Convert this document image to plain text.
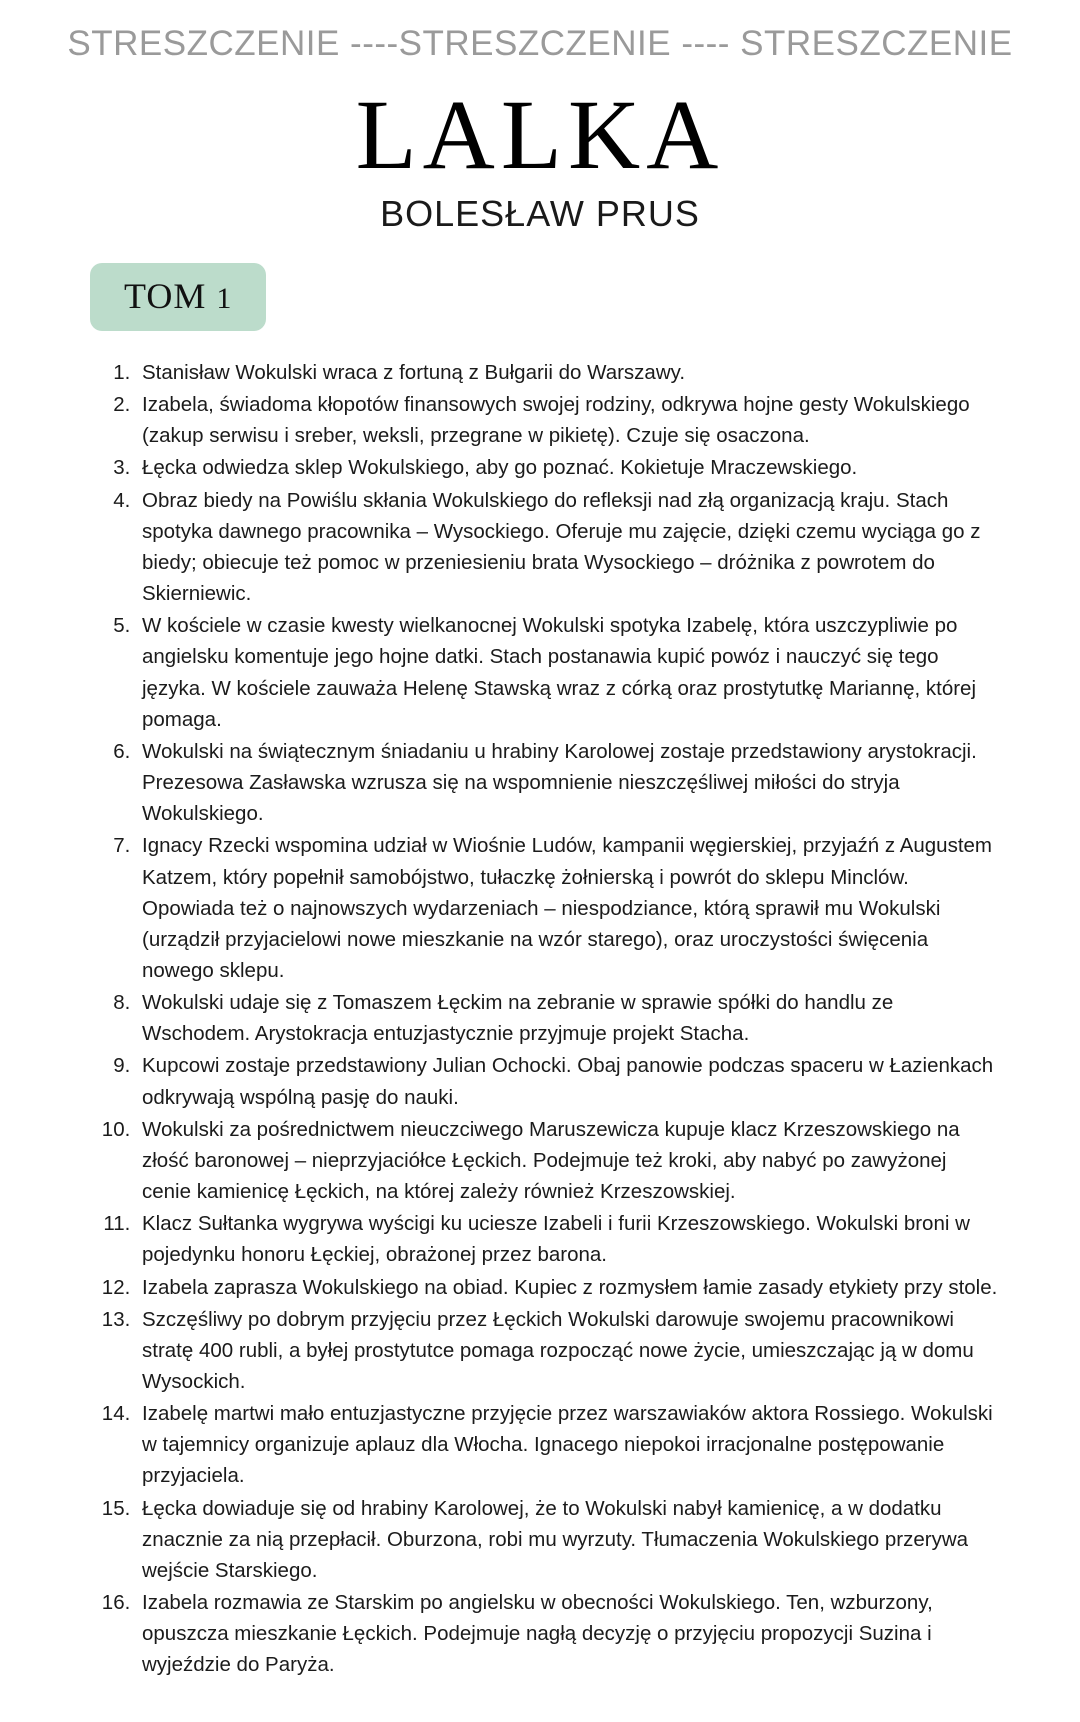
STRESZCZENIE ----STRESZCZENIE ---- STRESZCZENIE
LALKA
BOLESŁAW PRUS
TOM 1
1. Stanisław Wokulski wraca z fortuną z Bułgarii do Warszawy.
2. Izabela, świadoma kłopotów finansowych swojej rodziny, odkrywa hojne gesty Wokulskiego (zakup serwisu i sreber, weksli, przegrane w pikietę). Czuje się osaczona.
3. Łęcka odwiedza sklep Wokulskiego, aby go poznać. Kokietuje Mraczewskiego.
4. Obraz biedy na Powiślu skłania Wokulskiego do refleksji nad złą organizacją kraju. Stach spotyka dawnego pracownika – Wysockiego. Oferuje mu zajęcie, dzięki czemu wyciąga go z biedy; obiecuje też pomoc w przeniesieniu brata Wysockiego – dróżnika z powrotem do Skierniewic.
5. W kościele w czasie kwesty wielkanocnej Wokulski spotyka Izabelę, która uszczypliwie po angielsku komentuje jego hojne datki. Stach postanawia kupić powóz i nauczyć się tego języka. W kościele zauważa Helenę Stawską wraz z córką oraz prostytutkę Mariannę, której pomaga.
6. Wokulski na świątecznym śniadaniu u hrabiny Karolowej zostaje przedstawiony arystokracji. Prezesowa Zasławska wzrusza się na wspomnienie nieszczęśliwej miłości do stryja Wokulskiego.
7. Ignacy Rzecki wspomina udział w Wiośnie Ludów, kampanii węgierskiej, przyjaźń z Augustem Katzem, który popełnił samobójstwo, tułaczkę żołnierską i powrót do sklepu Minclów. Opowiada też o najnowszych wydarzeniach – niespodziance, którą sprawił mu Wokulski (urządził przyjacielowi nowe mieszkanie na wzór starego), oraz uroczystości święcenia nowego sklepu.
8. Wokulski udaje się z Tomaszem Łęckim na zebranie w sprawie spółki do handlu ze Wschodem. Arystokracja entuzjastycznie przyjmuje projekt Stacha.
9. Kupcowi zostaje przedstawiony Julian Ochocki. Obaj panowie podczas spaceru w Łazienkach odkrywają wspólną pasję do nauki.
10. Wokulski za pośrednictwem nieuczciwego Maruszewicza kupuje klacz Krzeszowskiego na złość baronowej – nieprzyjaciółce Łęckich. Podejmuje też kroki, aby nabyć po zawyżonej cenie kamienicę Łęckich, na której zależy również Krzeszowskiej.
11. Klacz Sułtanka wygrywa wyścigi ku uciesze Izabeli i furii Krzeszowskiego. Wokulski broni w pojedynku honoru Łęckiej, obrażonej przez barona.
12. Izabela zaprasza Wokulskiego na obiad. Kupiec z rozmysłem łamie zasady etykiety przy stole.
13. Szczęśliwy po dobrym przyjęciu przez Łęckich Wokulski darowuje swojemu pracownikowi stratę 400 rubli, a byłej prostytutce pomaga rozpocząć nowe życie, umieszczając ją w domu Wysockich.
14. Izabelę martwi mało entuzjastyczne przyjęcie przez warszawiaków aktora Rossiego. Wokulski w tajemnicy organizuje aplauz dla Włocha. Ignacego niepokoi irracjonalne postępowanie przyjaciela.
15. Łęcka dowiaduje się od hrabiny Karolowej, że to Wokulski nabył kamienicę, a w dodatku znacznie za nią przepłacił. Oburzona, robi mu wyrzuty. Tłumaczenia Wokulskiego przerywa wejście Starskiego.
16. Izabela rozmawia ze Starskim po angielsku w obecności Wokulskiego. Ten, wzburzony, opuszcza mieszkanie Łęckich. Podejmuje nagłą decyzję o przyjęciu propozycji Suzina i wyjeździe do Paryża.
